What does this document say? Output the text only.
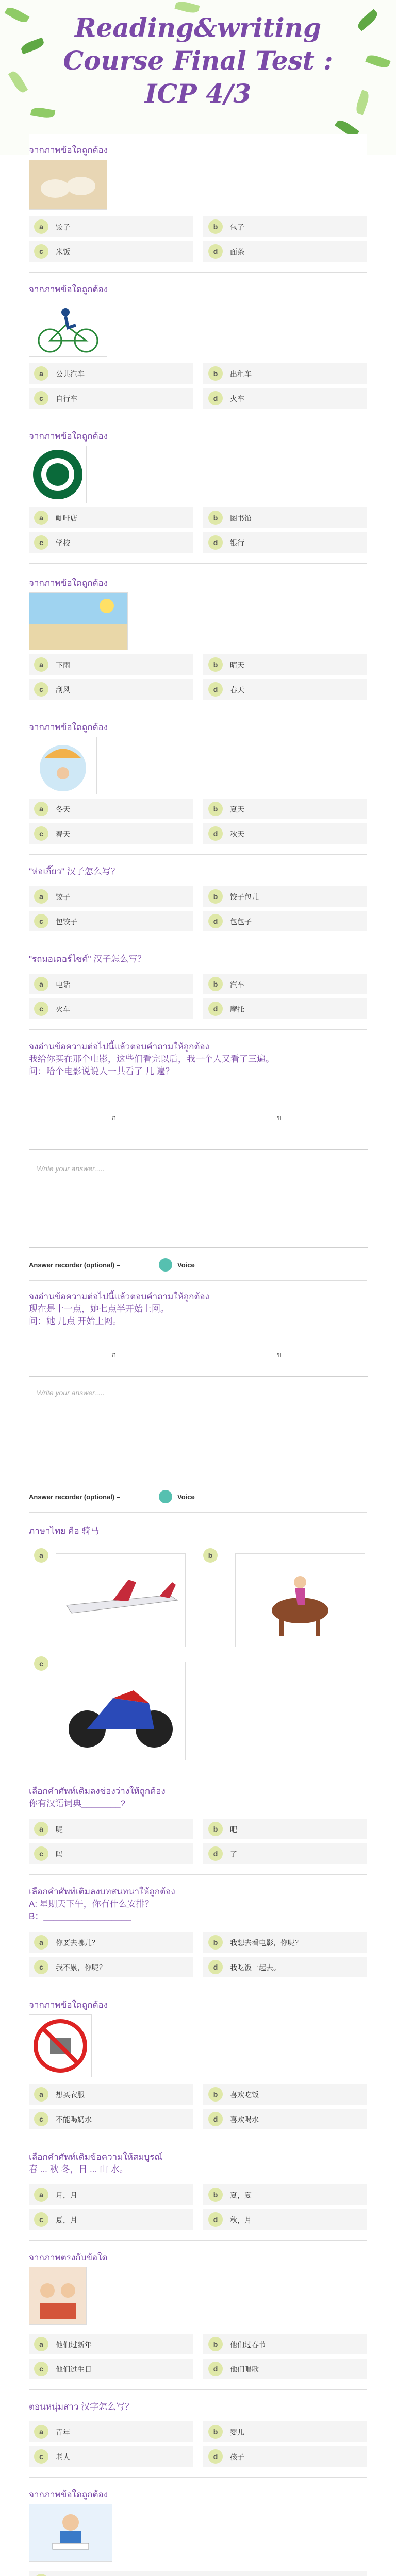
Reading&writing Course Final Test : ICP 4/3
จากภาพข้อใดถูกต้อง
a	饺子	b	包子
c	米饭	d	面条
จากภาพข้อใดถูกต้อง
a	公共汽车	b	出租车
c	自行车	d	火车
จากภาพข้อใดถูกต้อง
a	咖啡店	b	图书馆
c	学校	d	银行
จากภาพข้อใดถูกต้อง
a	下雨	b	晴天
c	刮风	d	春天
จากภาพข้อใดถูกต้อง
a	冬天	b	夏天
c	春天	d	秋天
"ห่อเกี๊ยว" 汉子怎么写？
a	饺子	b	饺子包儿
c	包饺子	d	包包子
"รถมอเตอร์ไซค์" 汉子怎么写？
a	电话	b	汽车
c	火车	d	摩托
จงอ่านข้อความต่อไปนี้แล้วตอบคำถามให้ถูกต้อง
我给你买在那个电影，这些们看完以后，我一个人又看了三遍。
问：哈个电影说说人一共看了 几 遍？
ก	ข
Write your answer.....
Answer recorder (optional) –	Voice
จงอ่านข้อความต่อไปนี้แล้วตอบคำถามให้ถูกต้อง
现在是十一点，她七点半开始上网。
问：她 几点 开始上网。
ก	ข
Write your answer.....
Answer recorder (optional) –	Voice
ภาษาไทย คือ 骑马
a	b
c
เลือกคำศัพท์เติมลงช่องว่างให้ถูกต้อง
你有汉语词典________?
a	呢	b	吧
c	吗	d	了
เลือกคำศัพท์เติมลงบทสนทนาให้ถูกต้อง
A: 星期天下午，你有什么安排？
B：__________________
a	你要去哪儿？	b	我想去看电影，你呢？
c	我不累，你呢？	d	我吃饭一起去。
จากภาพข้อใดถูกต้อง
a	想买衣服	b	喜欢吃饭
c	不能喝奶水	d	喜欢喝水
เลือกคำศัพท์เติมข้อความให้สมบูรณ์
春 ... 秋 冬，日 ... 山 水。
a	月，月	b	夏，夏
c	夏，月	d	秋，月
จากภาพตรงกับข้อใด
a	他们过新年	b	他们过春节
c	他们过生日	d	他们唱歌
ตอนหนุ่มสาว 汉字怎么写？
a	青年	b	婴儿
c	老人	d	孩子
จากภาพข้อใดถูกต้อง
